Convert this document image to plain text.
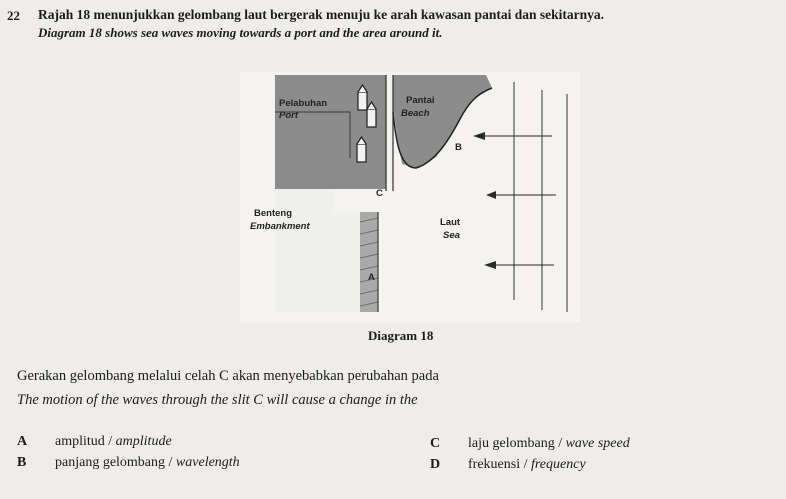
22 Rajah 18 menunjukkan gelombang laut bergerak menuju ke arah kawasan pantai dan sekitarnya.
Diagram 18 shows sea waves moving towards a port and the area around it.
Pelabuhan
Port
Pantai
Beach
B
C
Benteng
Embankment	Laut
Sea
A
Diagram 18
Gerakan gelombang melalui celah C akan menyebabkan perubahan pada
The motion of the waves through the slit C will cause a change in the
A amplitud / amplitude
B panjang gelombang / wavelength
C laju gelombang / wave speed
D frekuensi / frequency
